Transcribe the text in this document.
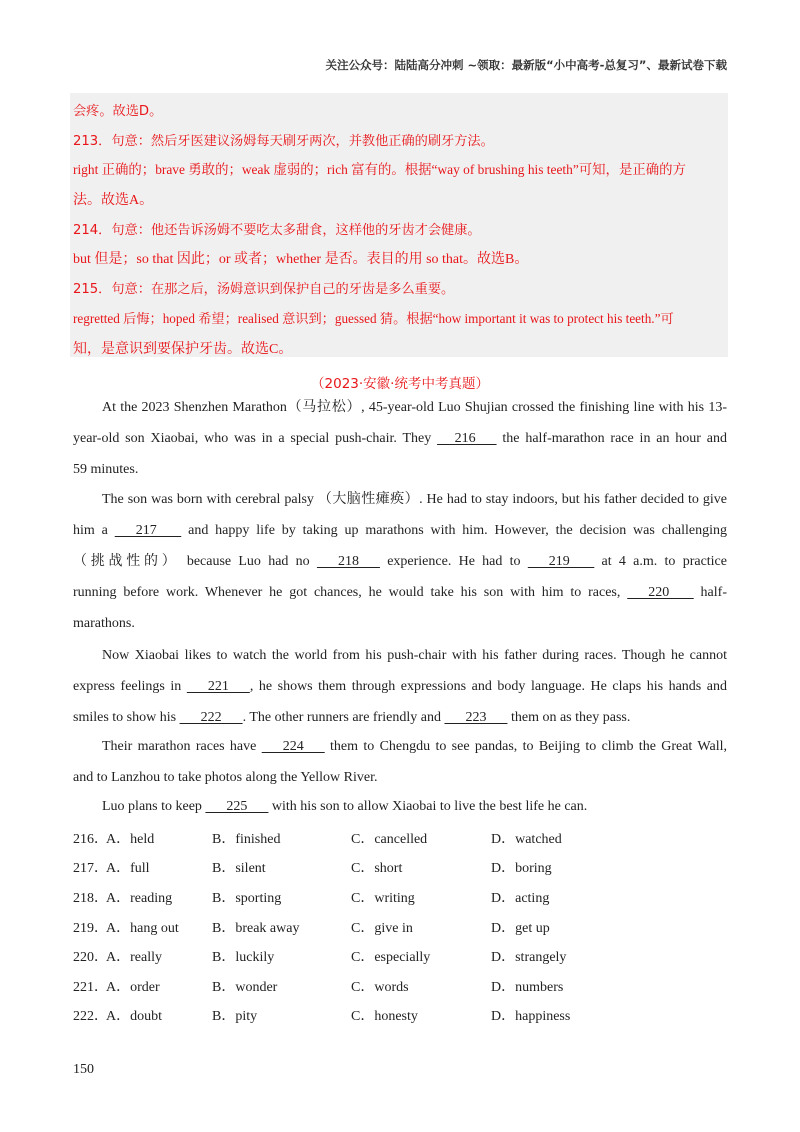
关注公众号：陆陆高分冲刺 ~领取：最新版“小中高考-总复习”、最新试卷下载
会疼。故选D。
213．句意：然后牙医建议汤姆每天刷牙两次，并教他正确的刷牙方法。
right 正确的；brave 勇敢的；weak 虚弱的；rich 富有的。根据“way of brushing his teeth”可知，是正确的方
法。故选A。
214．句意：他还告诉汤姆不要吃太多甜食，这样他的牙齿才会健康。
but 但是；so that 因此；or 或者；whether 是否。表目的用 so that。故选B。
215．句意：在那之后，汤姆意识到保护自己的牙齿是多么重要。
regretted 后悔；hoped 希望；realised 意识到；guessed 猜。根据“how important it was to protect his teeth.”可
知，是意识到要保护牙齿。故选C。
（2023·安徽·统考中考真题）
At the 2023 Shenzhen Marathon（马拉松）, 45-year-old Luo Shujian crossed the finishing line with his 13-
year-old son Xiaobai, who was in a special push-chair. They      216       the half-marathon race in an hour and
59 minutes.
The son was born with cerebral palsy （大脑性瘫痪）. He had to stay indoors, but his father decided to give
him a       217        and happy life by taking up marathons with him. However, the decision was challenging
（挑战性的） because Luo had no       218       experience. He had to       219        at 4 a.m. to practice
running before work. Whenever he got chances, he would take his son with him to races,       220        half-
marathons.
Now Xiaobai likes to watch the world from his push-chair with his father during races. Though he cannot
express feelings in       221      , he shows them through expressions and body language. He claps his hands and
smiles to show his       222      . The other runners are friendly and       223       them on as they pass.
Their marathon races have       224       them to Chengdu to see pandas, to Beijing to climb the Great Wall,
and to Lanzhou to take photos along the Yellow River.
Luo plans to keep       225       with his son to allow Xiaobai to live the best life he can.
216．
A．held	B．finished	C．cancelled	D．watched
217．
A．full	B．silent	C．short	D．boring
218．
A．reading	B．sporting	C．writing	D．acting
219．
A．hang out B．break away	C．give in	D．get up
220．
A．really	B．luckily	C．especially	D．strangely
221．
A．order	B．wonder	C．words	D．numbers
222．
A．doubt	B．pity	C．honesty	D．happiness
150
